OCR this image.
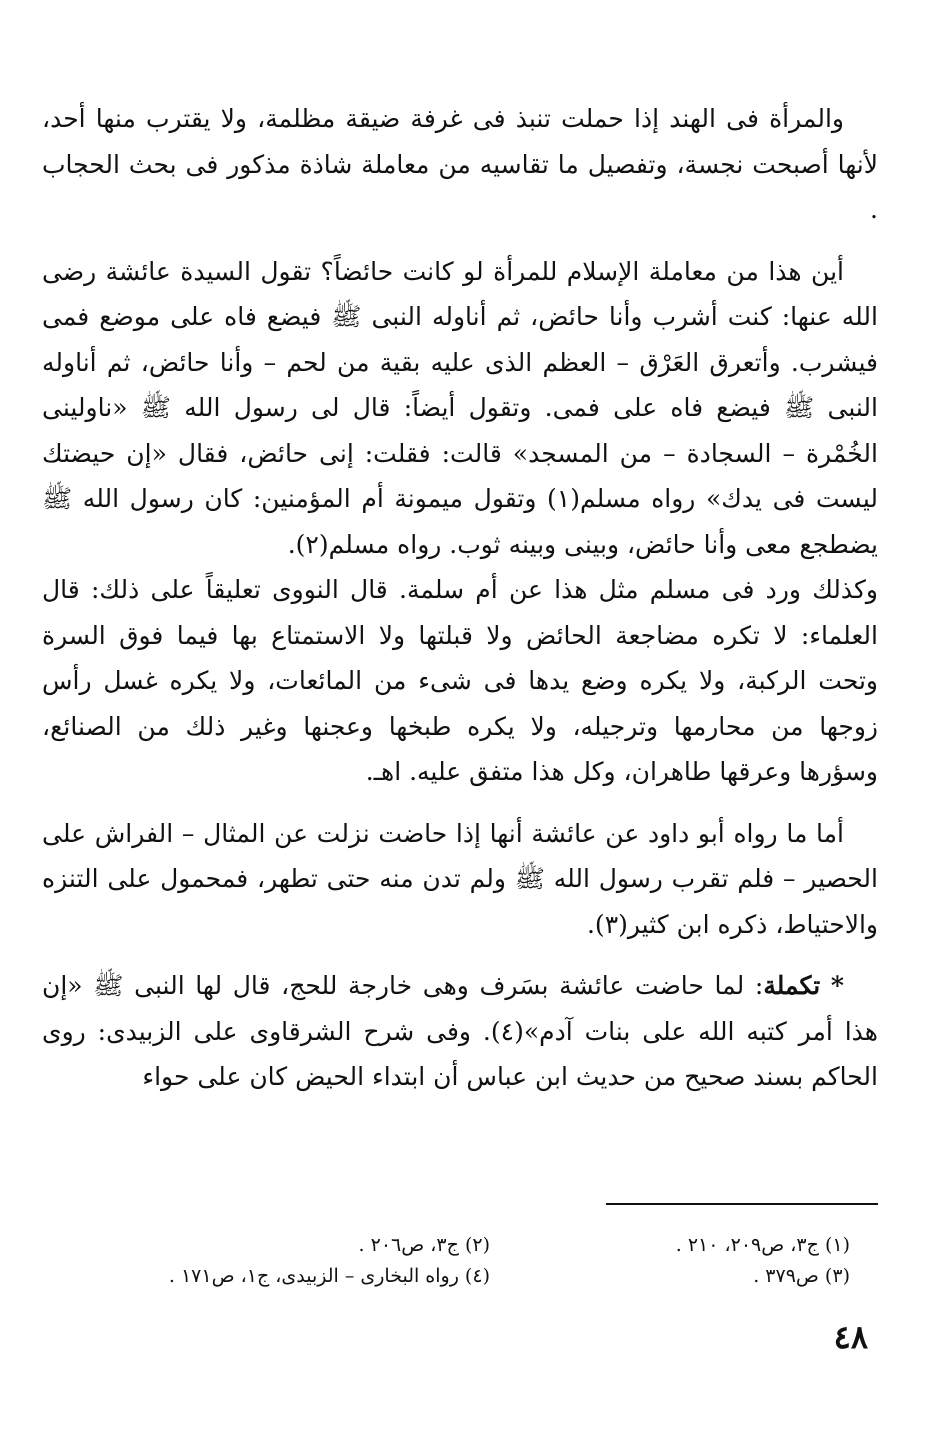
والمرأة فى الهند إذا حملت تنبذ فى غرفة ضيقة مظلمة، ولا يقترب منها أحد، لأنها أصبحت نجسة، وتفصيل ما تقاسيه من معاملة شاذة مذكور فى بحث الحجاب .

أين هذا من معاملة الإسلام للمرأة لو كانت حائضاً؟ تقول السيدة عائشة رضى الله عنها: كنت أشرب وأنا حائض، ثم أناوله النبى ﷺ فيضع فاه على موضع فمى فيشرب. وأتعرق العَرْق – العظم الذى عليه بقية من لحم – وأنا حائض، ثم أناوله النبى ﷺ فيضع فاه على فمى. وتقول أيضاً: قال لى رسول الله ﷺ «ناولينى الخُمْرة – السجادة – من المسجد» قالت: فقلت: إنى حائض، فقال «إن حيضتك ليست فى يدك» رواه مسلم(١) وتقول ميمونة أم المؤمنين: كان رسول الله ﷺ يضطجع معى وأنا حائض، وبينى وبينه ثوب. رواه مسلم(٢).

وكذلك ورد فى مسلم مثل هذا عن أم سلمة. قال النووى تعليقاً على ذلك: قال العلماء: لا تكره مضاجعة الحائض ولا قبلتها ولا الاستمتاع بها فيما فوق السرة وتحت الركبة، ولا يكره وضع يدها فى شىء من المائعات، ولا يكره غسل رأس زوجها من محارمها وترجيله، ولا يكره طبخها وعجنها وغير ذلك من الصنائع، وسؤرها وعرقها طاهران، وكل هذا متفق عليه. اهـ.

أما ما رواه أبو داود عن عائشة أنها إذا حاضت نزلت عن المثال – الفراش على الحصير – فلم تقرب رسول الله ﷺ ولم تدن منه حتى تطهر، فمحمول على التنزه والاحتياط، ذكره ابن كثير(٣).

* تكملة: لما حاضت عائشة بسَرف وهى خارجة للحج، قال لها النبى ﷺ «إن هذا أمر كتبه الله على بنات آدم»(٤). وفى شرح الشرقاوى على الزبيدى: روى الحاكم بسند صحيح من حديث ابن عباس أن ابتداء الحيض كان على حواء

(١) ج٣، ص٢٠٩، ٢١٠ .
(٢) ج٣، ص٢٠٦ .
(٣) ص٣٧٩ .
(٤) رواه البخارى – الزبيدى، ج١، ص١٧١ .
٤٨
